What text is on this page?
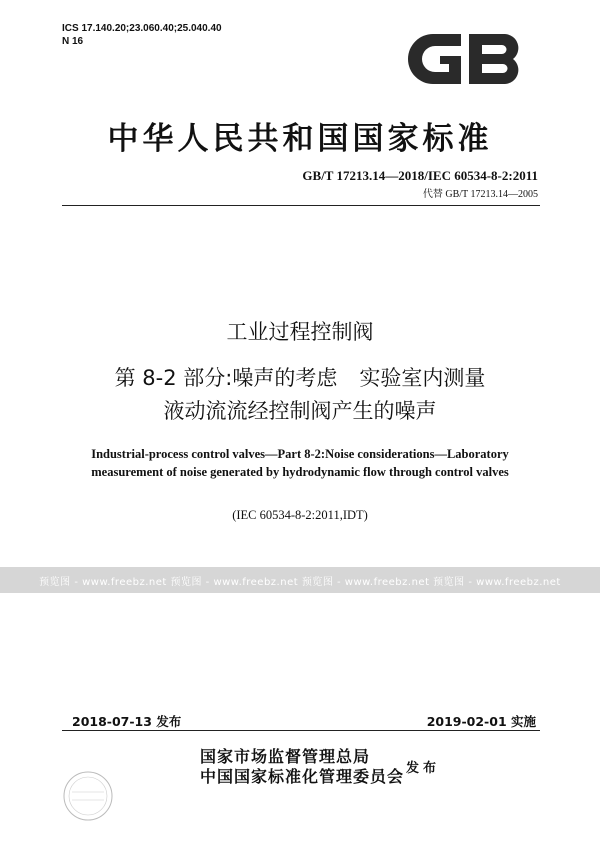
ICS 17.140.20;23.060.40;25.040.40
N 16
中华人民共和国国家标准
GB/T 17213.14—2018/IEC 60534-8-2:2011
代替 GB/T 17213.14—2005
工业过程控制阀
第 8-2 部分:噪声的考虑 实验室内测量
液动流流经控制阀产生的噪声
Industrial-process control valves—Part 8-2:Noise considerations—Laboratory
measurement of noise generated by hydrodynamic flow through control valves
(IEC 60534-8-2:2011,IDT)
预览图 - www.freebz.net 预览图 - www.freebz.net 预览图 - www.freebz.net 预览图 - www.freebz.net
2018-07-13 发布	2019-02-01 实施
国家市场监督管理总局
中国国家标准化管理委员会 发布
